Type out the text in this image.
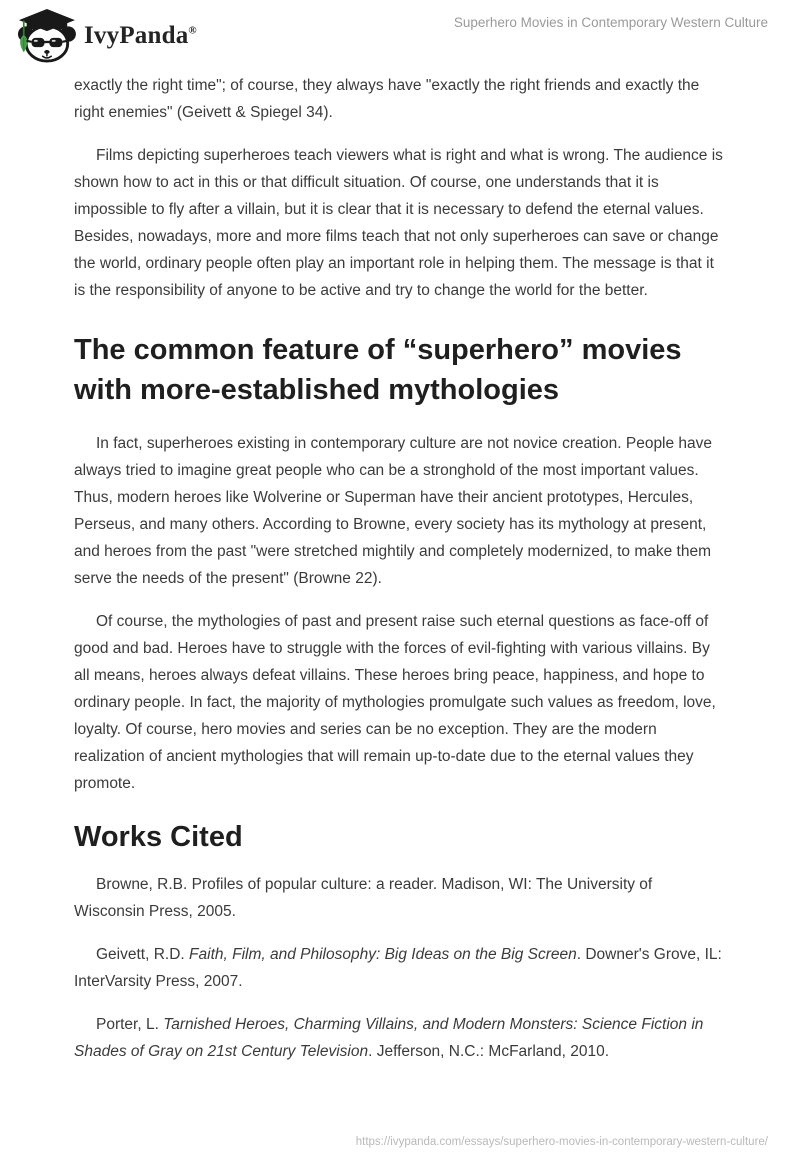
IvyPanda®
Superhero Movies in Contemporary Western Culture

exactly the right time"; of course, they always have "exactly the right friends and exactly the right enemies" (Geivett & Spiegel 34).

Films depicting superheroes teach viewers what is right and what is wrong. The audience is shown how to act in this or that difficult situation. Of course, one understands that it is impossible to fly after a villain, but it is clear that it is necessary to defend the eternal values. Besides, nowadays, more and more films teach that not only superheroes can save or change the world, ordinary people often play an important role in helping them. The message is that it is the responsibility of anyone to be active and try to change the world for the better.

The common feature of “superhero” movies with more-established mythologies

In fact, superheroes existing in contemporary culture are not novice creation. People have always tried to imagine great people who can be a stronghold of the most important values. Thus, modern heroes like Wolverine or Superman have their ancient prototypes, Hercules, Perseus, and many others. According to Browne, every society has its mythology at present, and heroes from the past "were stretched mightily and completely modernized, to make them serve the needs of the present" (Browne 22).

Of course, the mythologies of past and present raise such eternal questions as face-off of good and bad. Heroes have to struggle with the forces of evil-fighting with various villains. By all means, heroes always defeat villains. These heroes bring peace, happiness, and hope to ordinary people. In fact, the majority of mythologies promulgate such values as freedom, love, loyalty. Of course, hero movies and series can be no exception. They are the modern realization of ancient mythologies that will remain up-to-date due to the eternal values they promote.

Works Cited

Browne, R.B. Profiles of popular culture: a reader. Madison, WI: The University of Wisconsin Press, 2005.

Geivett, R.D. Faith, Film, and Philosophy: Big Ideas on the Big Screen. Downer's Grove, IL: InterVarsity Press, 2007.

Porter, L. Tarnished Heroes, Charming Villains, and Modern Monsters: Science Fiction in Shades of Gray on 21st Century Television. Jefferson, N.C.: McFarland, 2010.

https://ivypanda.com/essays/superhero-movies-in-contemporary-western-culture/
